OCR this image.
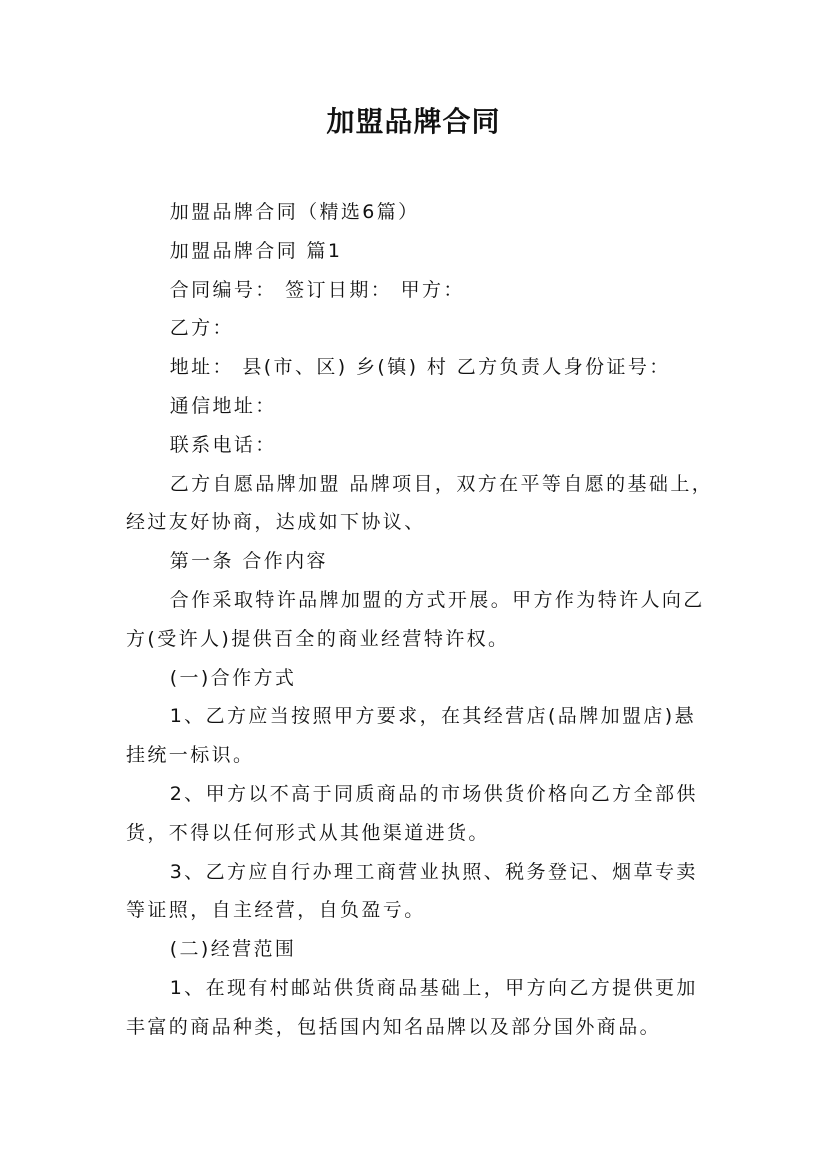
加盟品牌合同

加盟品牌合同（精选6篇）

加盟品牌合同 篇1

合同编号： 签订日期： 甲方：

乙方：

地址： 县(市、区) 乡(镇) 村 乙方负责人身份证号：

通信地址：

联系电话：

乙方自愿品牌加盟 品牌项目，双方在平等自愿的基础上，经过友好协商，达成如下协议、

第一条 合作内容

合作采取特许品牌加盟的方式开展。甲方作为特许人向乙方(受许人)提供百全的商业经营特许权。

(一)合作方式

1、乙方应当按照甲方要求，在其经营店(品牌加盟店)悬挂统一标识。

2、甲方以不高于同质商品的市场供货价格向乙方全部供货，不得以任何形式从其他渠道进货。

3、乙方应自行办理工商营业执照、税务登记、烟草专卖等证照，自主经营，自负盈亏。

(二)经营范围

1、在现有村邮站供货商品基础上，甲方向乙方提供更加丰富的商品种类，包括国内知名品牌以及部分国外商品。
